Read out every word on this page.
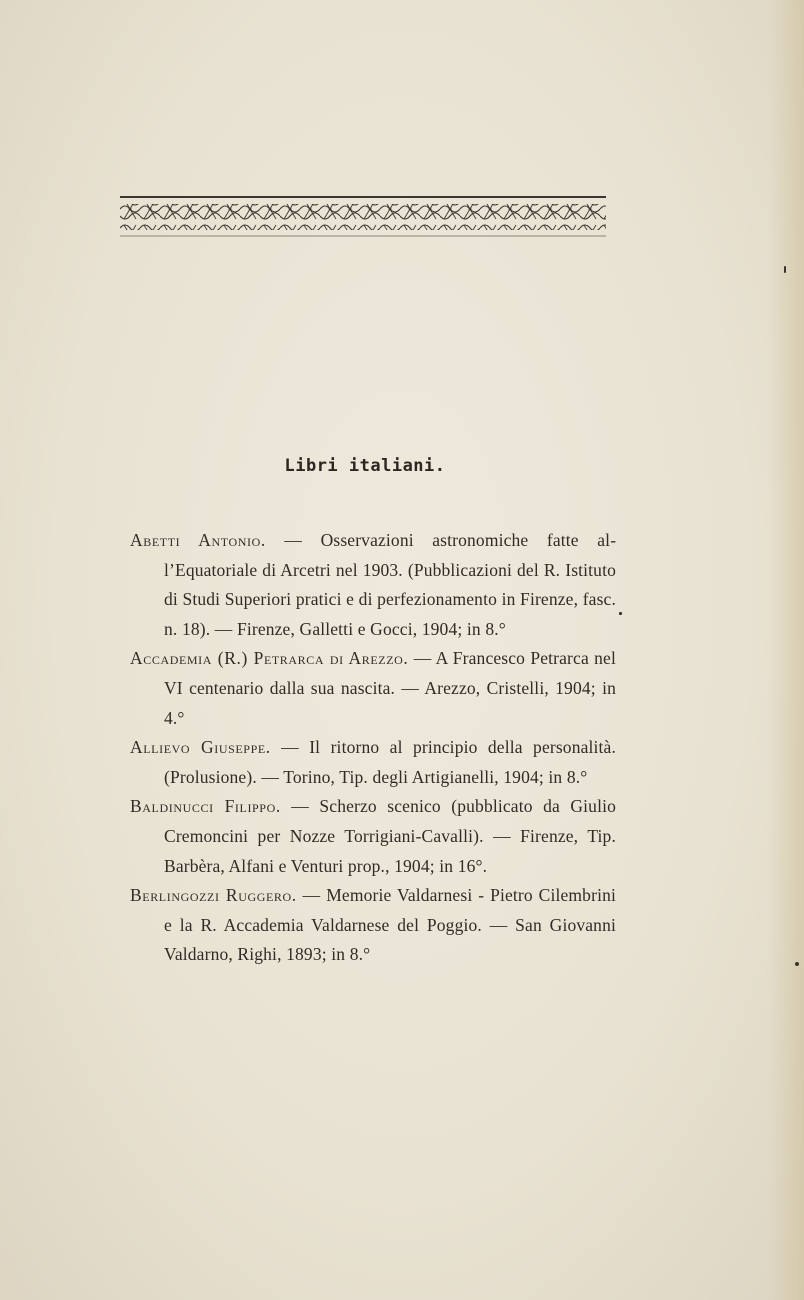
Libri italiani.

Abetti Antonio. — Osservazioni astronomiche fatte all’Equatoriale di Arcetri nel 1903. (Pubblicazioni del R. Istituto di Studi Superiori pratici e di perfezionamento in Firenze, fasc. n. 18). — Firenze, Galletti e Gocci, 1904; in 8.°

Accademia (R.) Petrarca di Arezzo. — A Francesco Petrarca nel VI centenario dalla sua nascita. — Arezzo, Cristelli, 1904; in 4.°

Allievo Giuseppe. — Il ritorno al principio della personalità. (Prolusione). — Torino, Tip. degli Artigianelli, 1904; in 8.°

Baldinucci Filippo. — Scherzo scenico (pubblicato da Giulio Cremoncini per Nozze Torrigiani-Cavalli). — Firenze, Tip. Barbèra, Alfani e Venturi prop., 1904; in 16°.

Berlingozzi Ruggero. — Memorie Valdarnesi - Pietro Cilembrini e la R. Accademia Valdarnese del Poggio. — San Giovanni Valdarno, Righi, 1893; in 8.°
